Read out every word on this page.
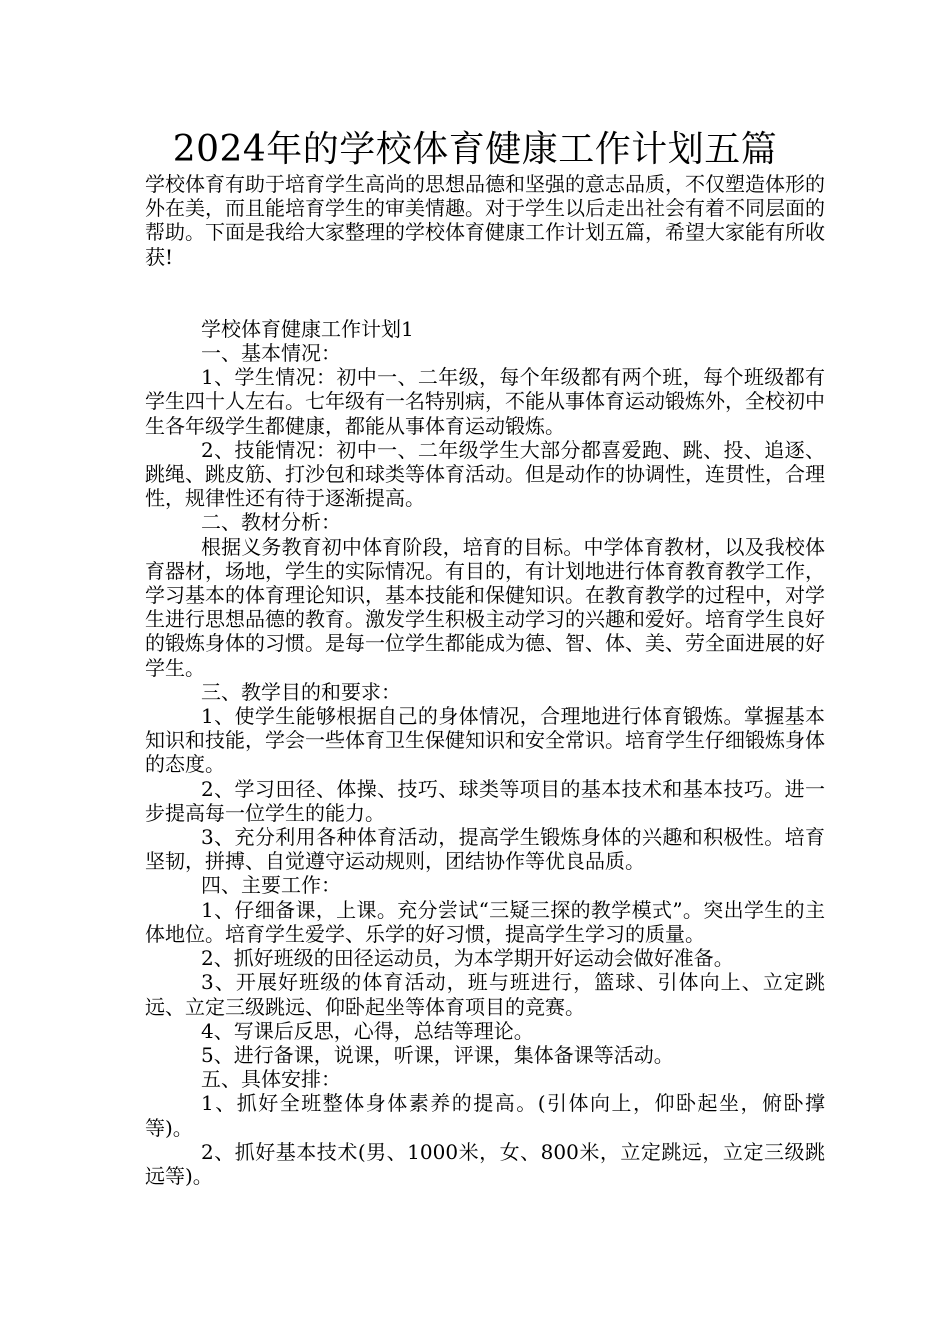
2024年的学校体育健康工作计划五篇

学校体育有助于培育学生高尚的思想品德和坚强的意志品质，不仅塑造体形的外在美，而且能培育学生的审美情趣。对于学生以后走出社会有着不同层面的帮助。下面是我给大家整理的学校体育健康工作计划五篇，希望大家能有所收获!

学校体育健康工作计划1

一、基本情况：

1、学生情况：初中一、二年级，每个年级都有两个班，每个班级都有学生四十人左右。七年级有一名特别病，不能从事体育运动锻炼外，全校初中生各年级学生都健康，都能从事体育运动锻炼。

2、技能情况：初中一、二年级学生大部分都喜爱跑、跳、投、追逐、跳绳、跳皮筋、打沙包和球类等体育活动。但是动作的协调性，连贯性，合理性，规律性还有待于逐渐提高。

二、教材分析：

根据义务教育初中体育阶段，培育的目标。中学体育教材，以及我校体育器材，场地，学生的实际情况。有目的，有计划地进行体育教育教学工作，学习基本的体育理论知识，基本技能和保健知识。在教育教学的过程中，对学生进行思想品德的教育。激发学生积极主动学习的兴趣和爱好。培育学生良好的锻炼身体的习惯。是每一位学生都能成为德、智、体、美、劳全面进展的好学生。

三、教学目的和要求：

1、使学生能够根据自己的身体情况，合理地进行体育锻炼。掌握基本知识和技能，学会一些体育卫生保健知识和安全常识。培育学生仔细锻炼身体的态度。

2、学习田径、体操、技巧、球类等项目的基本技术和基本技巧。进一步提高每一位学生的能力。

3、充分利用各种体育活动，提高学生锻炼身体的兴趣和积极性。培育坚韧，拼搏、自觉遵守运动规则，团结协作等优良品质。

四、主要工作：

1、仔细备课，上课。充分尝试“三疑三探的教学模式”。突出学生的主体地位。培育学生爱学、乐学的好习惯，提高学生学习的质量。

2、抓好班级的田径运动员，为本学期开好运动会做好准备。

3、开展好班级的体育活动，班与班进行，篮球、引体向上、立定跳远、立定三级跳远、仰卧起坐等体育项目的竞赛。

4、写课后反思，心得，总结等理论。

5、进行备课，说课，听课，评课，集体备课等活动。

五、具体安排：

1、抓好全班整体身体素养的提高。(引体向上，仰卧起坐，俯卧撑等)。

2、抓好基本技术(男、1000米，女、800米，立定跳远，立定三级跳远等)。
